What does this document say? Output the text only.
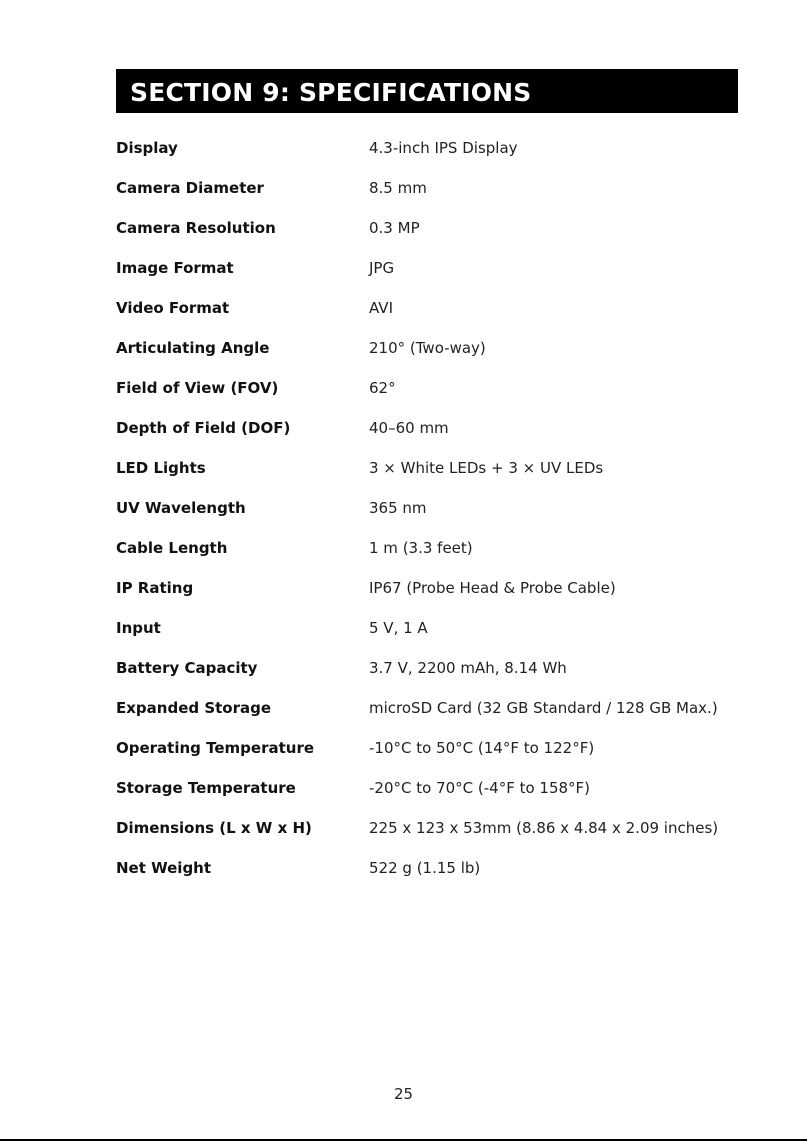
SECTION 9: SPECIFICATIONS
Display	4.3-inch IPS Display
Camera Diameter	8.5 mm
Camera Resolution	0.3 MP
Image Format	JPG
Video Format	AVI
Articulating Angle	210° (Two-way)
Field of View (FOV)	62°
Depth of Field (DOF)	40–60 mm
LED Lights	3 × White LEDs + 3 × UV LEDs
UV Wavelength	365 nm
Cable Length	1 m (3.3 feet)
IP Rating	IP67 (Probe Head & Probe Cable)
Input	5 V, 1 A
Battery Capacity	3.7 V, 2200 mAh, 8.14 Wh
Expanded Storage	microSD Card (32 GB Standard / 128 GB Max.)
Operating Temperature	-10°C to 50°C (14°F to 122°F)
Storage Temperature	-20°C to 70°C (-4°F to 158°F)
Dimensions (L x W x H)	225 x 123 x 53mm (8.86 x 4.84 x 2.09 inches)
Net Weight	522 g (1.15 lb)
25
